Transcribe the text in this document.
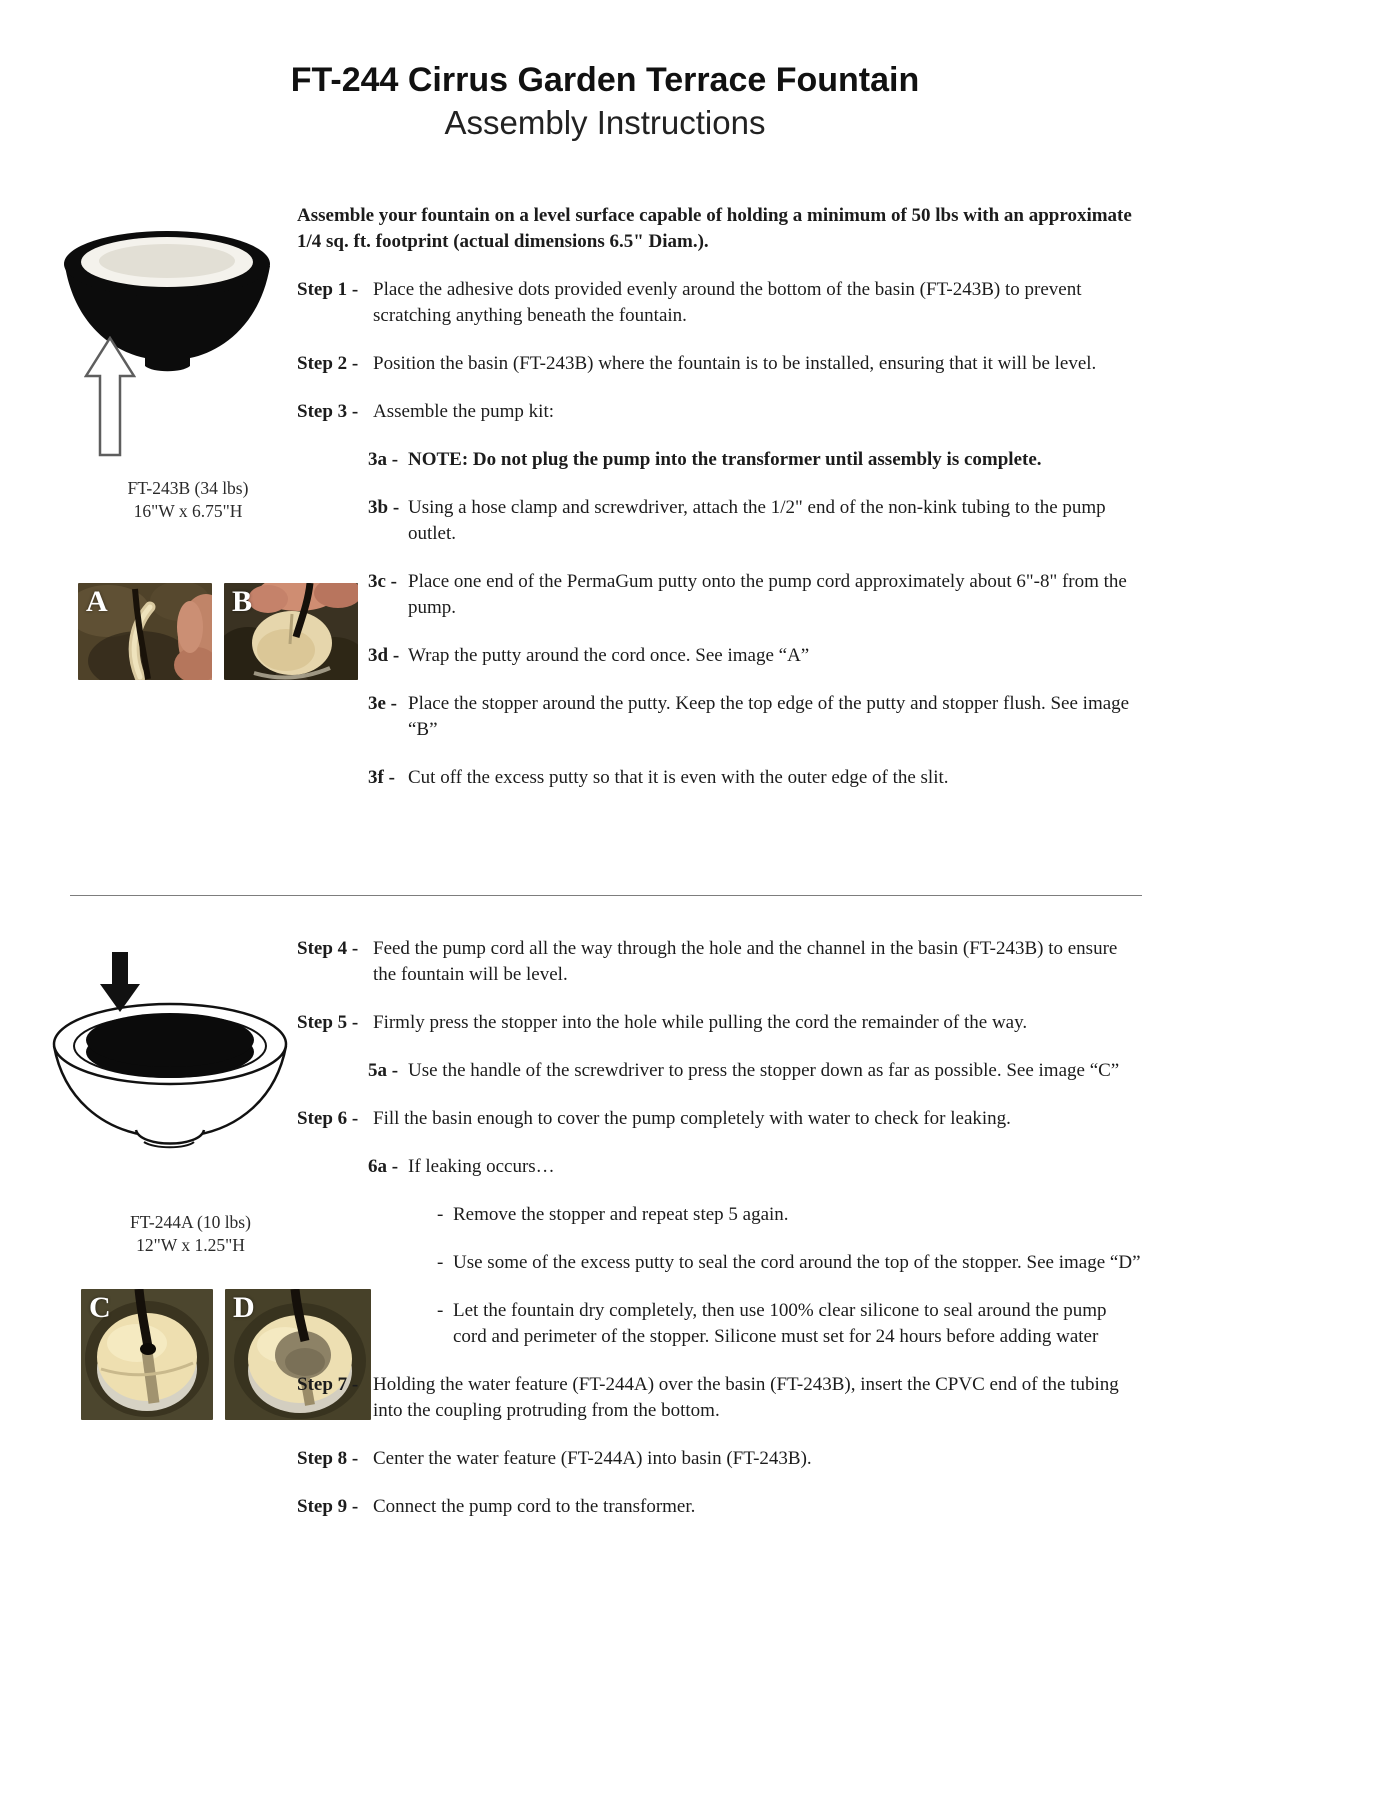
FT-244 Cirrus Garden Terrace Fountain
Assembly Instructions
FT-243B (34 lbs)
16"W x 6.75"H
A	B
FT-244A (10 lbs)
12"W x 1.25"H
C	D

Assemble your fountain on a level surface capable of holding a minimum of 50 lbs with an approximate 1/4 sq. ft. footprint (actual dimensions 6.5" Diam.).

Step 1 - Place the adhesive dots provided evenly around the bottom of the basin (FT-243B) to prevent scratching anything beneath the fountain.
Step 2 - Position the basin (FT-243B) where the fountain is to be installed, ensuring that it will be level.
Step 3 - Assemble the pump kit:
3a - NOTE: Do not plug the pump into the transformer until assembly is complete.
3b - Using a hose clamp and screwdriver, attach the 1/2" end of the non-kink tubing to the pump outlet.
3c - Place one end of the PermaGum putty onto the pump cord approximately about 6"-8" from the pump.
3d - Wrap the putty around the cord once. See image “A”
3e - Place the stopper around the putty. Keep the top edge of the putty and stopper flush. See image “B”
3f - Cut off the excess putty so that it is even with the outer edge of the slit.
Step 4 - Feed the pump cord all the way through the hole and the channel in the basin (FT-243B) to ensure the fountain will be level.
Step 5 - Firmly press the stopper into the hole while pulling the cord the remainder of the way.
5a - Use the handle of the screwdriver to press the stopper down as far as possible. See image “C”
Step 6 - Fill the basin enough to cover the pump completely with water to check for leaking.
6a - If leaking occurs…
- Remove the stopper and repeat step 5 again.
- Use some of the excess putty to seal the cord around the top of the stopper. See image “D”
- Let the fountain dry completely, then use 100% clear silicone to seal around the pump cord and perimeter of the stopper. Silicone must set for 24 hours before adding water
Step 7 - Holding the water feature (FT-244A) over the basin (FT-243B), insert the CPVC end of the tubing into the coupling protruding from the bottom.
Step 8 - Center the water feature (FT-244A) into basin (FT-243B).
Step 9 - Connect the pump cord to the transformer.
